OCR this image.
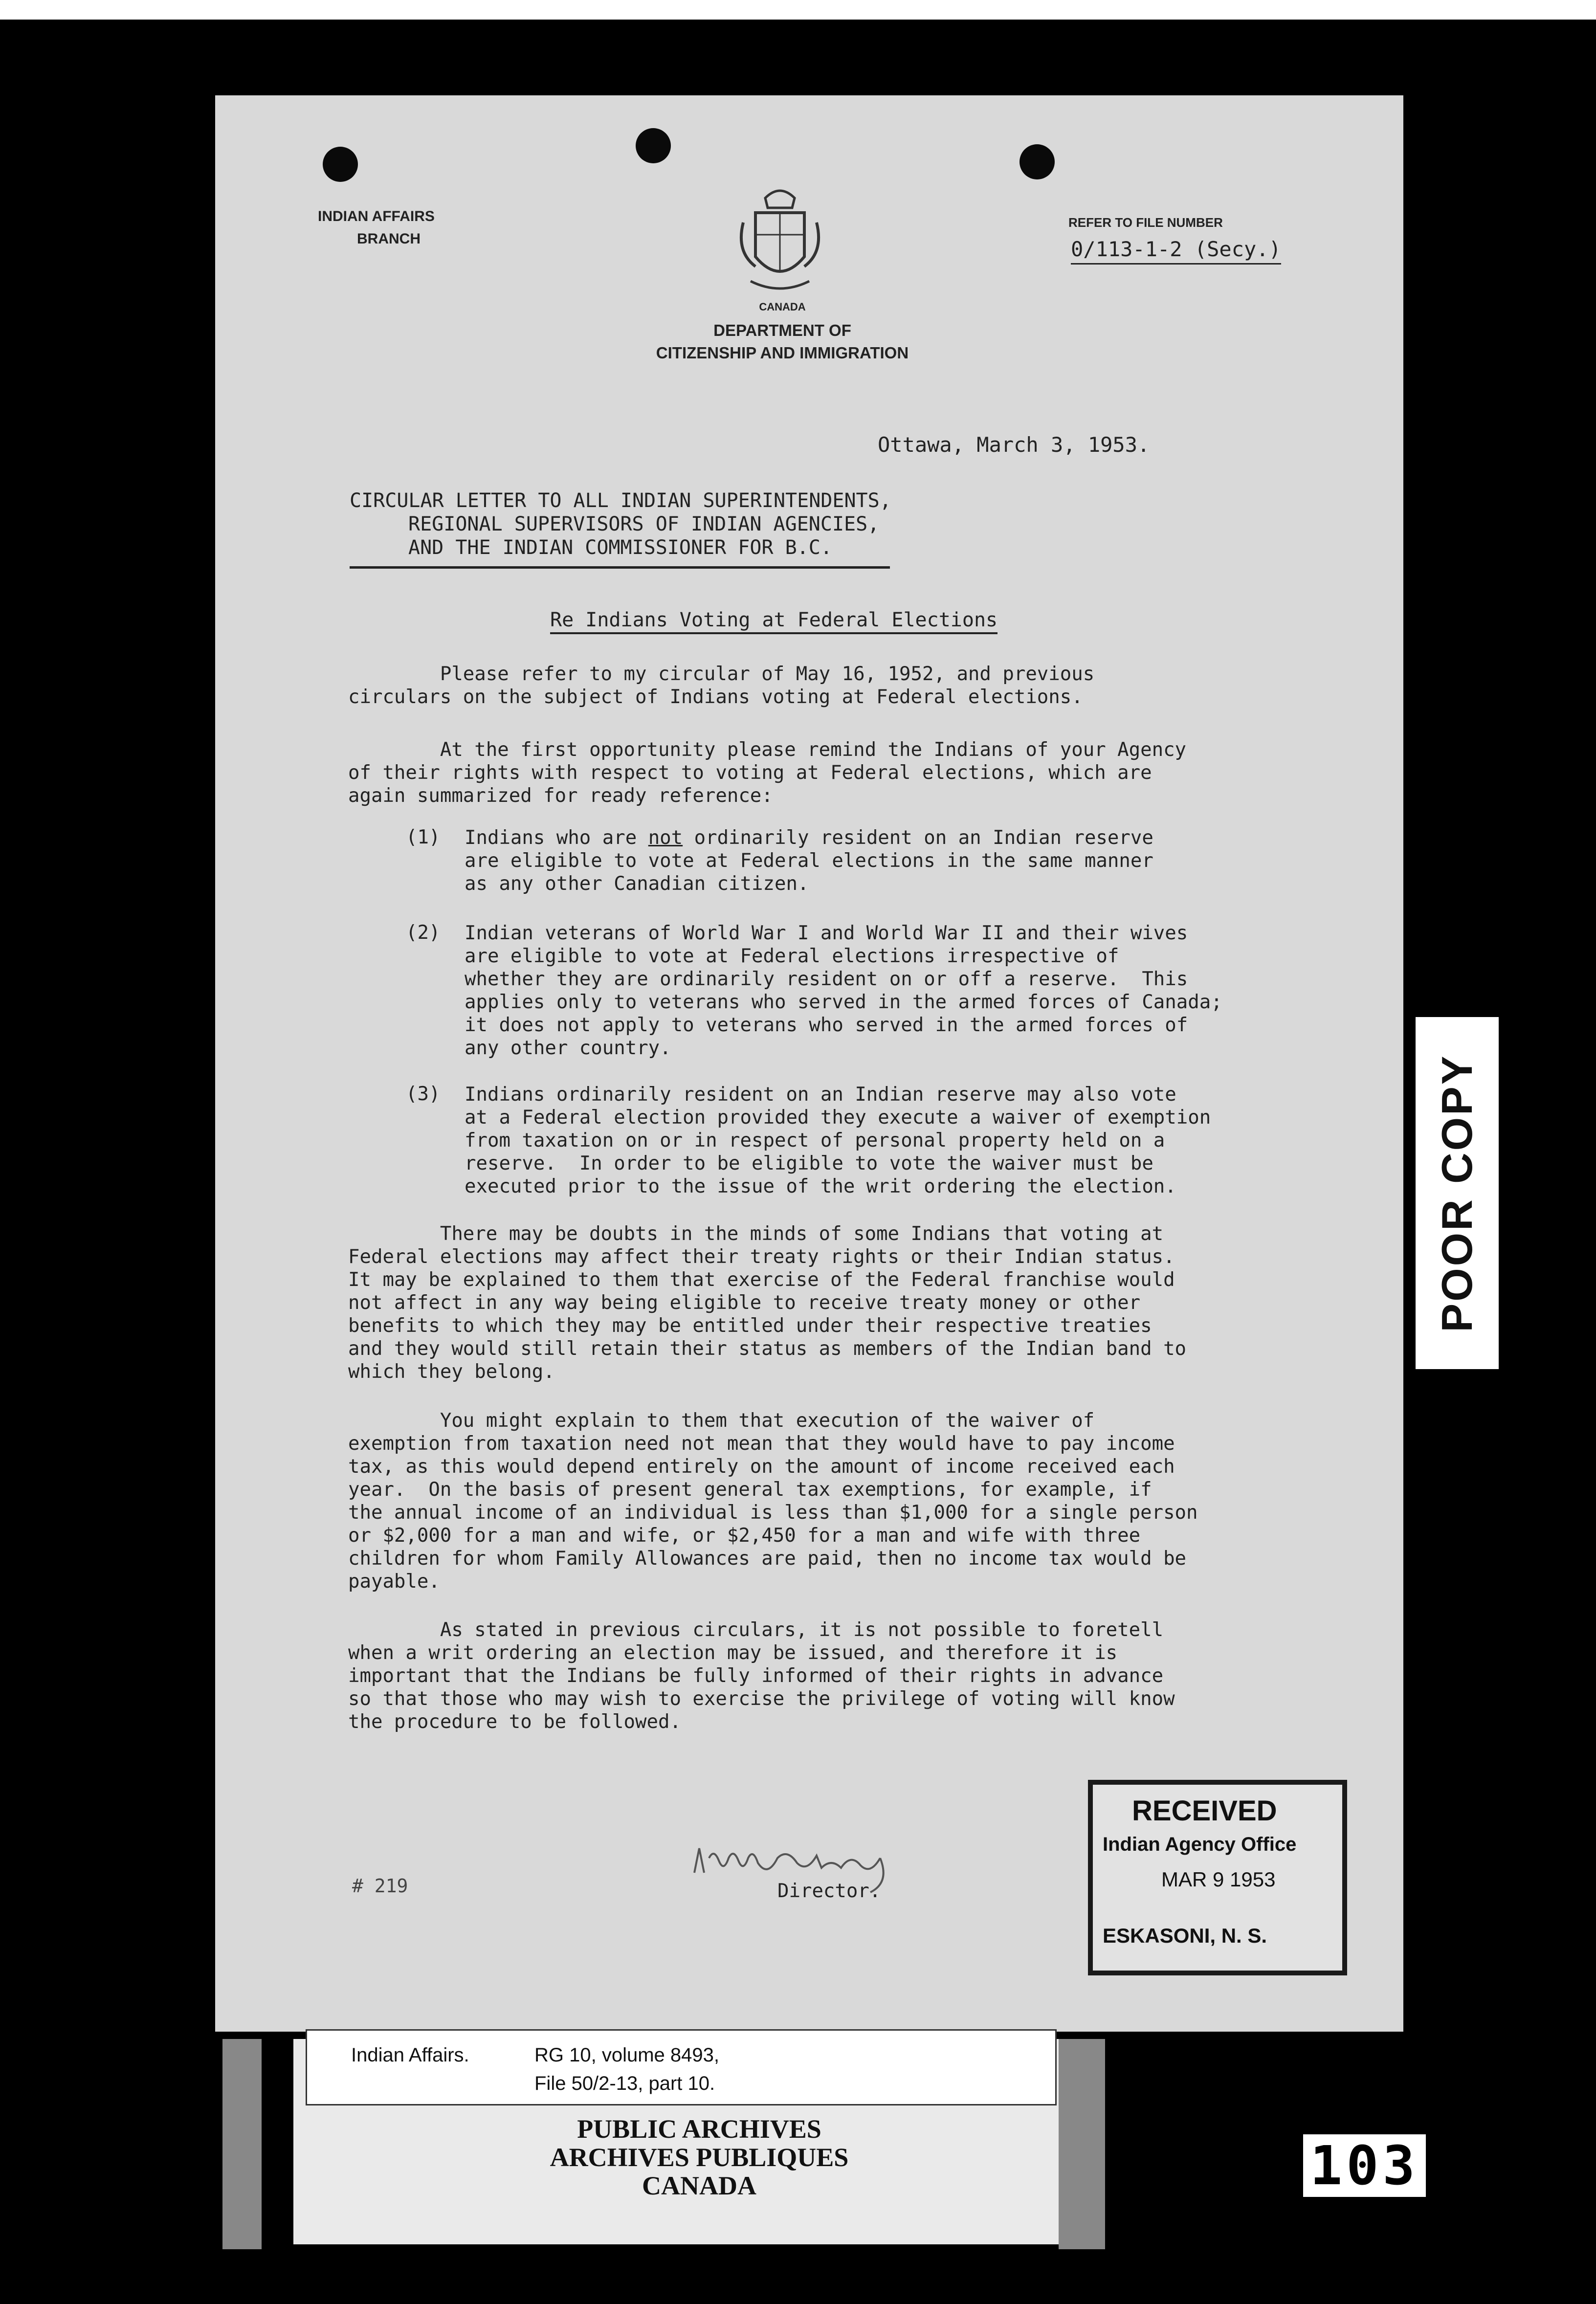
INDIAN AFFAIRS
BRANCH
REFER TO FILE NUMBER
0/113-1-2 (Secy.)
CANADA
DEPARTMENT OF
CITIZENSHIP AND IMMIGRATION
Ottawa, March 3, 1953.
CIRCULAR LETTER TO ALL INDIAN SUPERINTENDENTS,
REGIONAL SUPERVISORS OF INDIAN AGENCIES,
AND THE INDIAN COMMISSIONER FOR B.C.
Re Indians Voting at Federal Elections
Please refer to my circular of May 16, 1952, and previous
circulars on the subject of Indians voting at Federal elections.
At the first opportunity please remind the Indians of your Agency
of their rights with respect to voting at Federal elections, which are
again summarized for ready reference:
(1) Indians who are not ordinarily resident on an Indian reserve
are eligible to vote at Federal elections in the same manner
as any other Canadian citizen.
(2) Indian veterans of World War I and World War II and their wives
are eligible to vote at Federal elections irrespective of
whether they are ordinarily resident on or off a reserve.  This
applies only to veterans who served in the armed forces of Canada;
it does not apply to veterans who served in the armed forces of
any other country.
(3) Indians ordinarily resident on an Indian reserve may also vote
at a Federal election provided they execute a waiver of exemption
from taxation on or in respect of personal property held on a
reserve.  In order to be eligible to vote the waiver must be
executed prior to the issue of the writ ordering the election.
There may be doubts in the minds of some Indians that voting at
Federal elections may affect their treaty rights or their Indian status.
It may be explained to them that exercise of the Federal franchise would
not affect in any way being eligible to receive treaty money or other
benefits to which they may be entitled under their respective treaties
and they would still retain their status as members of the Indian band to
which they belong.
You might explain to them that execution of the waiver of
exemption from taxation need not mean that they would have to pay income
tax, as this would depend entirely on the amount of income received each
year.  On the basis of present general tax exemptions, for example, if
the annual income of an individual is less than $1,000 for a single person
or $2,000 for a man and wife, or $2,450 for a man and wife with three
children for whom Family Allowances are paid, then no income tax would be
payable.
As stated in previous circulars, it is not possible to foretell
when a writ ordering an election may be issued, and therefore it is
important that the Indians be fully informed of their rights in advance
so that those who may wish to exercise the privilege of voting will know
the procedure to be followed.
# 219	Director.
RECEIVED
Indian Agency Office
MAR 9 1953
ESKASONI, N. S.
POOR COPY
Indian Affairs.	RG 10, volume 8493,
File 50/2-13, part 10.
PUBLIC ARCHIVES
ARCHIVES PUBLIQUES
CANADA	103
